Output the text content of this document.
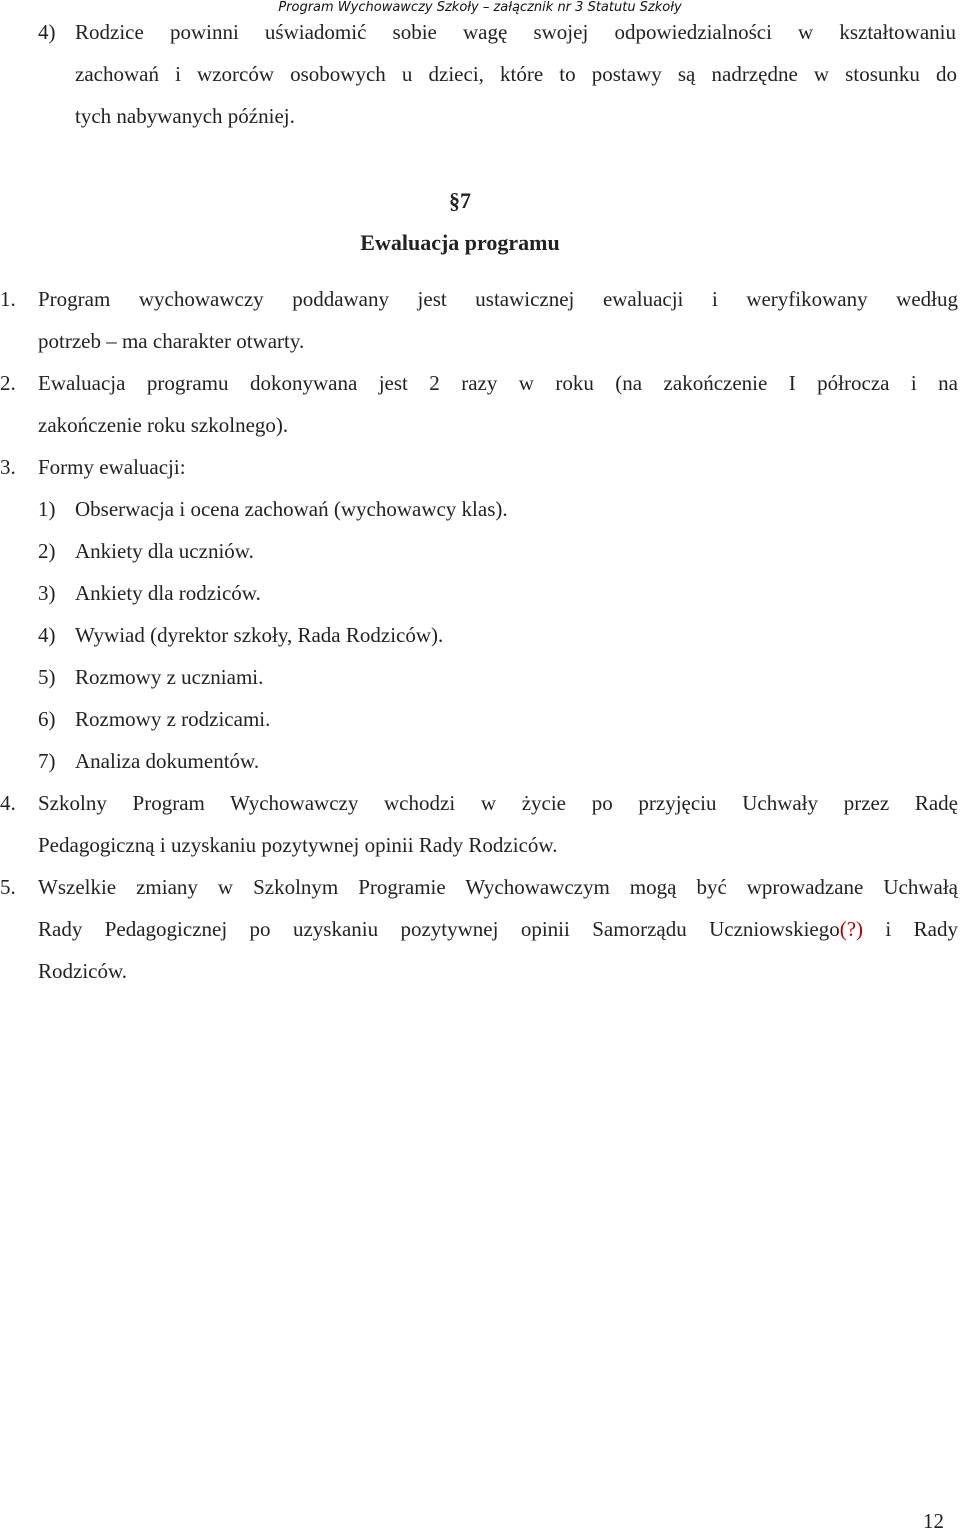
Program Wychowawczy Szkoły – załącznik nr 3 Statutu Szkoły
4) Rodzice powinni uświadomić sobie wagę swojej odpowiedzialności w kształtowaniu
zachowań i wzorców osobowych u dzieci, które to postawy są nadrzędne w stosunku do
tych nabywanych później.
§7
Ewaluacja programu
1.	Program wychowawczy poddawany jest ustawicznej ewaluacji i weryfikowany według
potrzeb – ma charakter otwarty.
2.	Ewaluacja programu dokonywana jest 2 razy w roku (na zakończenie I półrocza i na
zakończenie roku szkolnego).
3. Formy ewaluacji:
1) Obserwacja i ocena zachowań (wychowawcy klas).
2) Ankiety dla uczniów.
3) Ankiety dla rodziców.
4) Wywiad (dyrektor szkoły, Rada Rodziców).
5) Rozmowy z uczniami.
6) Rozmowy z rodzicami.
7) Analiza dokumentów.
4.	Szkolny Program Wychowawczy wchodzi w życie po przyjęciu Uchwały przez Radę
Pedagogiczną i uzyskaniu pozytywnej opinii Rady Rodziców.
5.	Wszelkie zmiany w Szkolnym Programie Wychowawczym mogą być wprowadzane Uchwałą
Rady Pedagogicznej po uzyskaniu pozytywnej opinii Samorządu Uczniowskiego(?) i Rady
Rodziców.
12
